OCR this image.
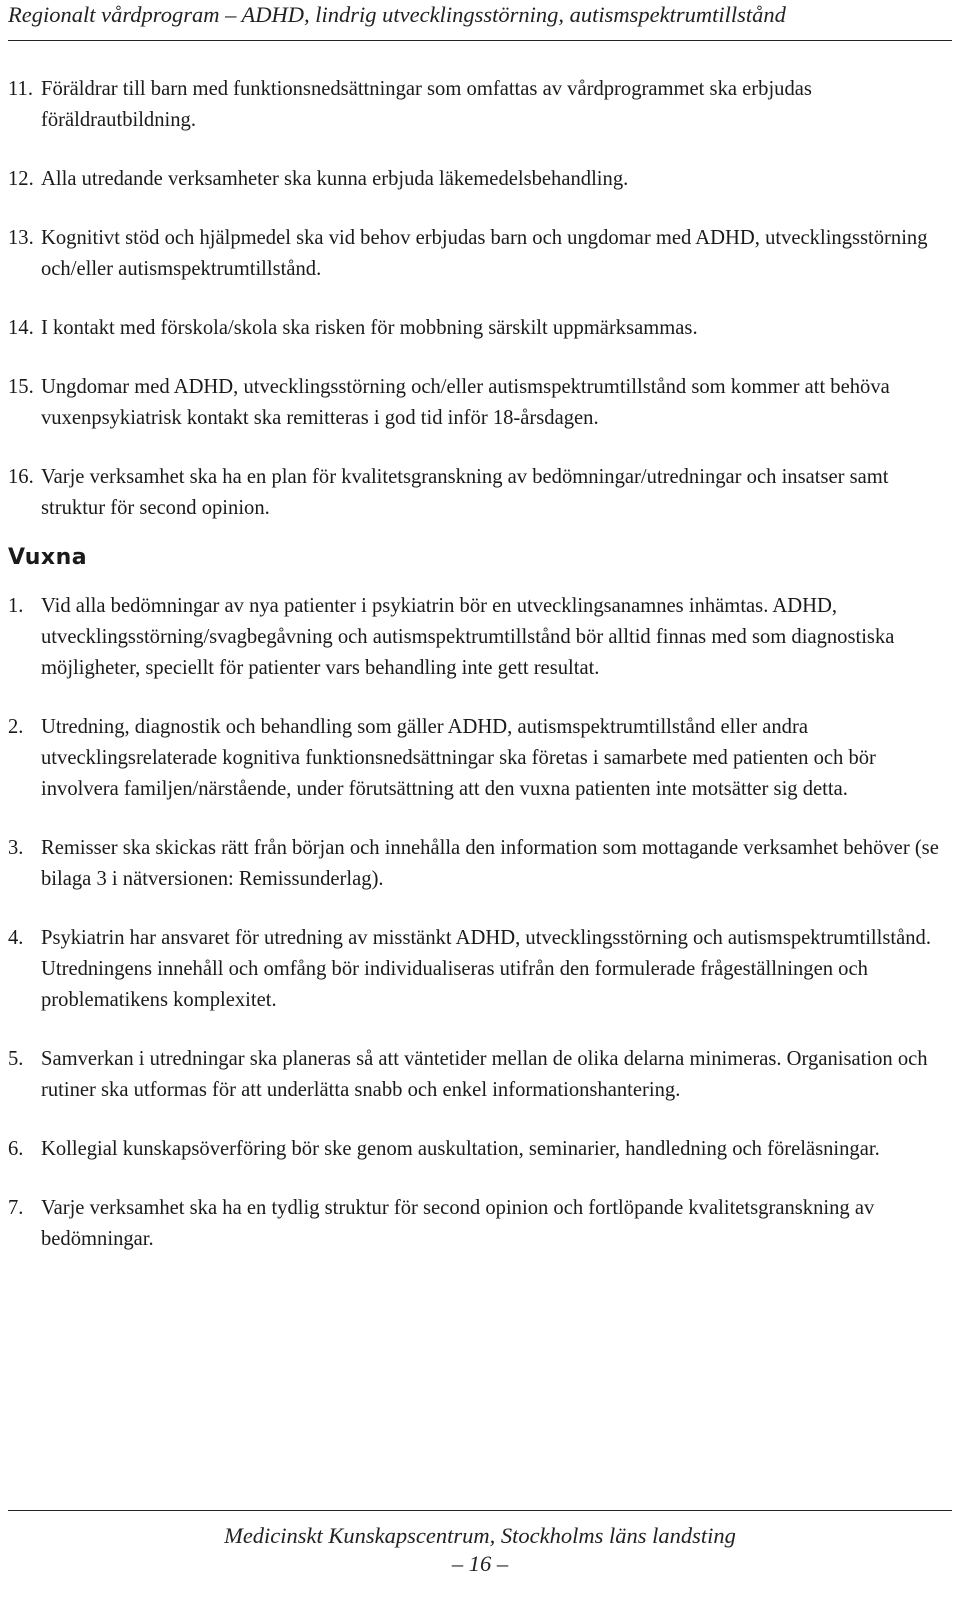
Regionalt vårdprogram – ADHD, lindrig utvecklingsstörning, autismspektrumtillstånd
11. Föräldrar till barn med funktionsnedsättningar som omfattas av vårdprogrammet ska erbjudas föräldrautbildning.
12. Alla utredande verksamheter ska kunna erbjuda läkemedelsbehandling.
13. Kognitivt stöd och hjälpmedel ska vid behov erbjudas barn och ungdomar med ADHD, utvecklingsstörning och/eller autismspektrumtillstånd.
14. I kontakt med förskola/skola ska risken för mobbning särskilt uppmärksammas.
15. Ungdomar med ADHD, utvecklingsstörning och/eller autismspektrumtillstånd som kommer att behöva vuxenpsykiatrisk kontakt ska remitteras i god tid inför 18-årsdagen.
16. Varje verksamhet ska ha en plan för kvalitetsgranskning av bedömningar/utredningar och insatser samt struktur för second opinion.
Vuxna
1. Vid alla bedömningar av nya patienter i psykiatrin bör en utvecklingsanamnes inhämtas. ADHD, utvecklingsstörning/svagbegåvning och autismspektrumtillstånd bör alltid finnas med som diagnostiska möjligheter, speciellt för patienter vars behandling inte gett resultat.
2. Utredning, diagnostik och behandling som gäller ADHD, autismspektrumtillstånd eller andra utvecklingsrelaterade kognitiva funktionsnedsättningar ska företas i samarbete med patienten och bör involvera familjen/närstående, under förutsättning att den vuxna patienten inte motsätter sig detta.
3. Remisser ska skickas rätt från början och innehålla den information som mottagande verksamhet behöver (se bilaga 3 i nätversionen: Remissunderlag).
4. Psykiatrin har ansvaret för utredning av misstänkt ADHD, utvecklingsstörning och autismspektrumtillstånd. Utredningens innehåll och omfång bör individualiseras utifrån den formulerade frågeställningen och problematikens komplexitet.
5. Samverkan i utredningar ska planeras så att väntetider mellan de olika delarna minimeras. Organisation och rutiner ska utformas för att underlätta snabb och enkel informationshantering.
6. Kollegial kunskapsöverföring bör ske genom auskultation, seminarier, handledning och föreläsningar.
7. Varje verksamhet ska ha en tydlig struktur för second opinion och fortlöpande kvalitetsgranskning av bedömningar.
Medicinskt Kunskapscentrum, Stockholms läns landsting
– 16 –
